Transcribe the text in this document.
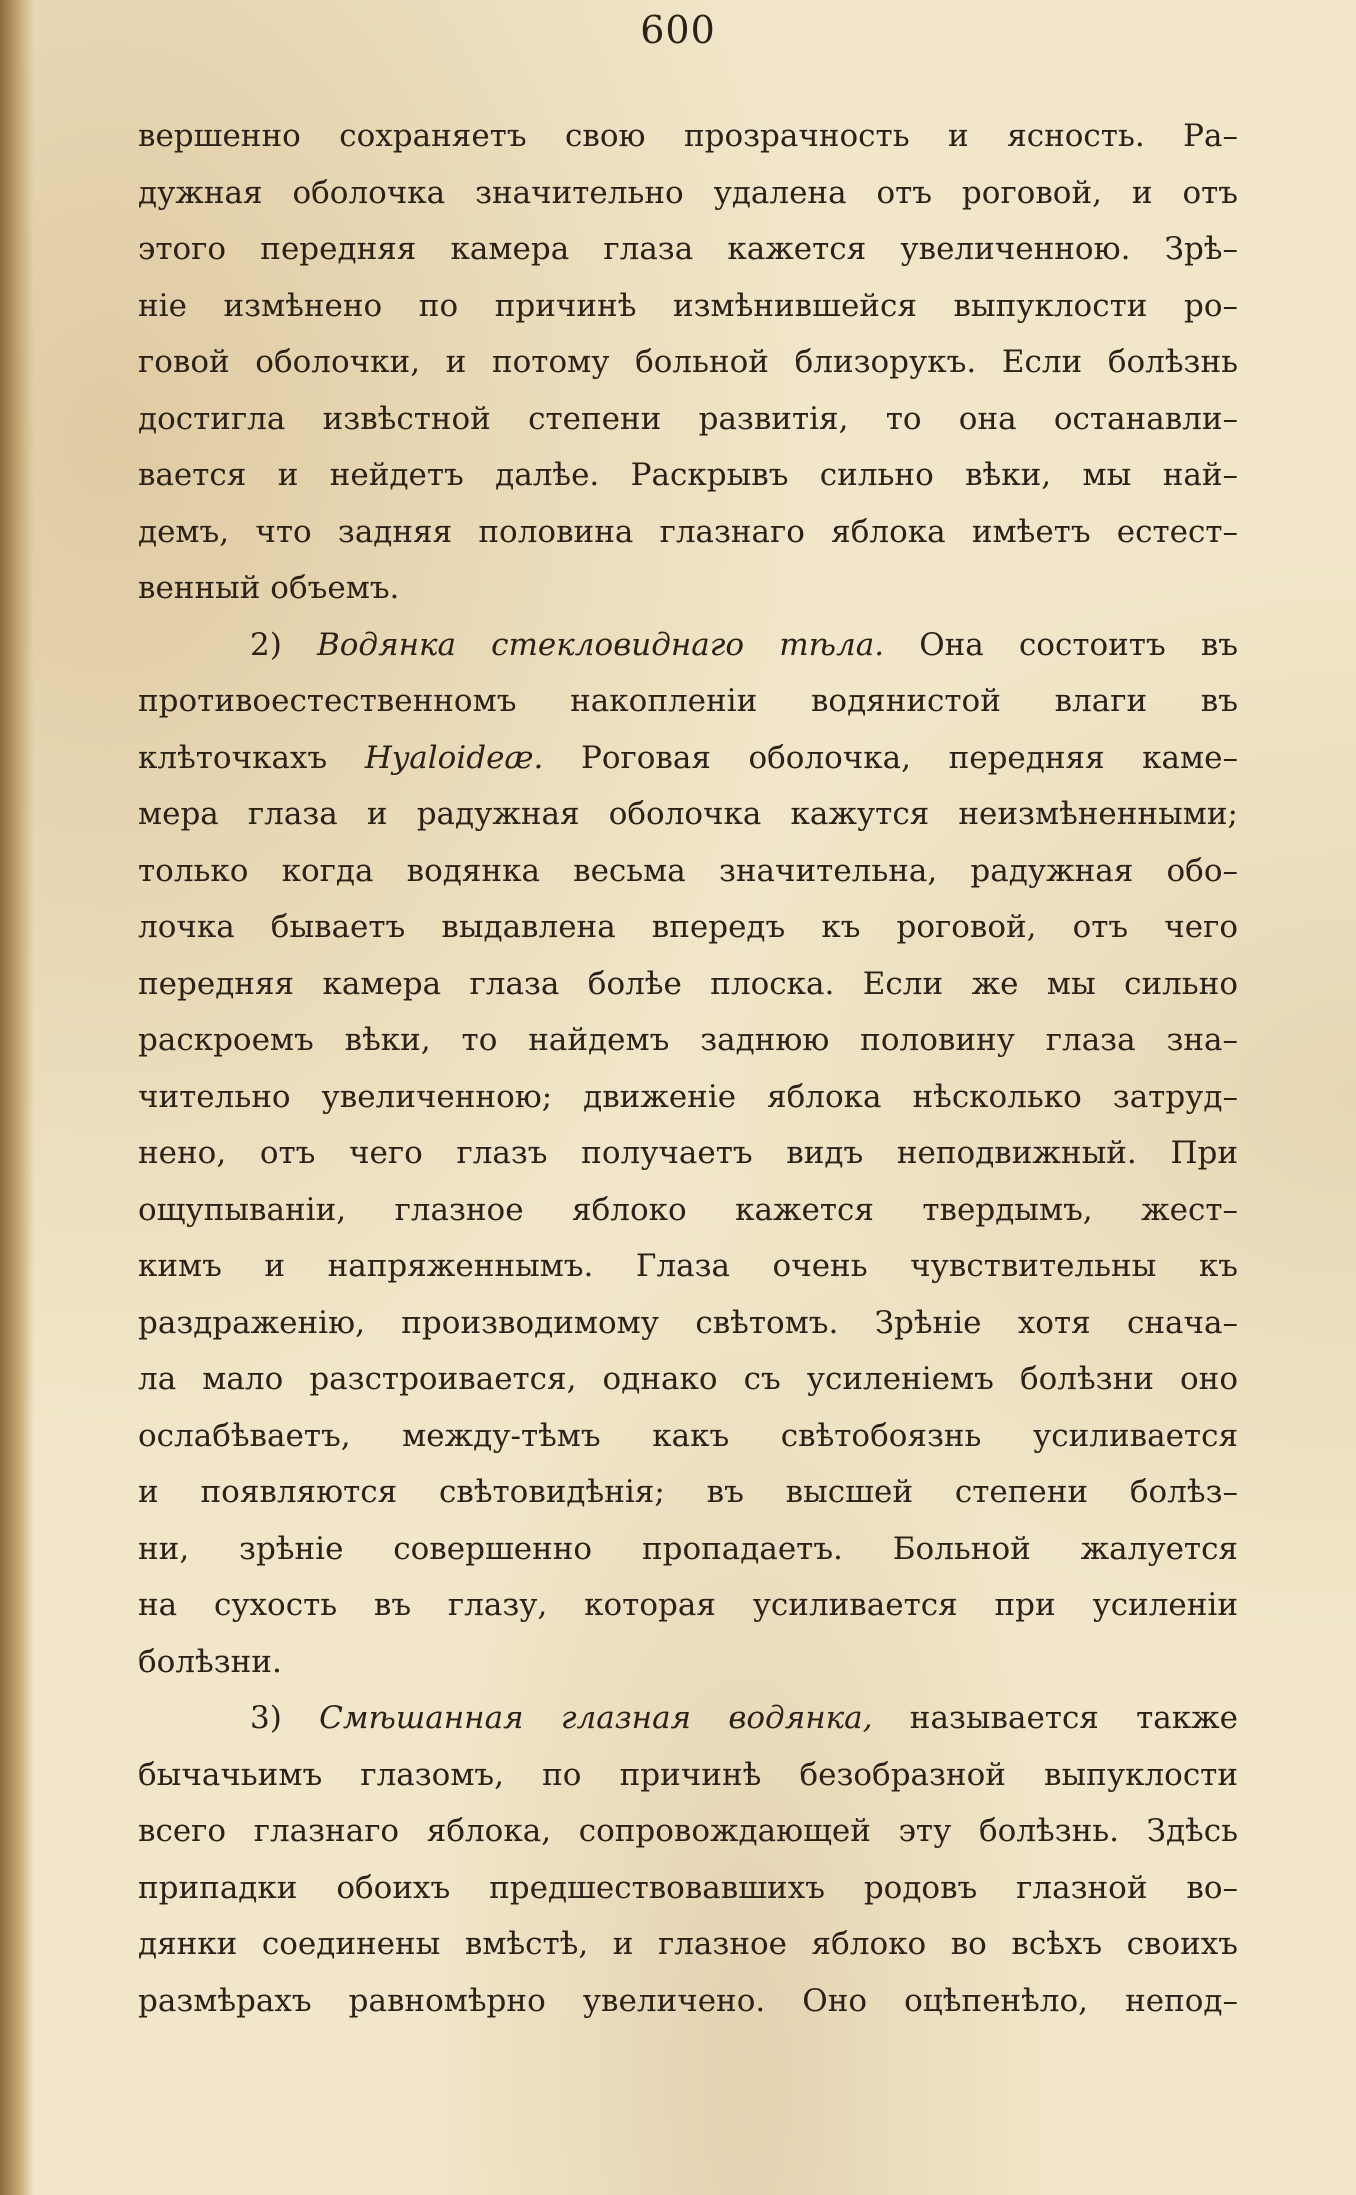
600
вершенно сохраняетъ свою прозрачность и ясность. Ра–
дужная оболочка значительно удалена отъ роговой, и отъ
этого передняя камера глаза кажется увеличенною. Зрѣ–
нiе измѣнено по причинѣ измѣнившейся выпуклости ро–
говой оболочки, и потому больной близорукъ. Если болѣзнь
достигла извѣстной степени развитiя, то она останавли–
вается и нейдетъ далѣе. Раскрывъ сильно вѣки, мы най–
демъ, что задняя половина глазнаго яблока имѣетъ естест–
венный объемъ.
2) Водянка стекловиднаго тѣла. Она состоитъ въ
противоестественномъ накопленiи водянистой влаги въ
клѣточкахъ Hyaloideæ. Роговая оболочка, передняя каме–
мера глаза и радужная оболочка кажутся неизмѣненными;
только когда водянка весьма значительна, радужная обо–
лочка бываетъ выдавлена впередъ къ роговой, отъ чего
передняя камера глаза болѣе плоска. Если же мы сильно
раскроемъ вѣки, то найдемъ заднюю половину глаза зна–
чительно увеличенною; движенiе яблока нѣсколько затруд–
нено, отъ чего глазъ получаетъ видъ неподвижный. При
ощупыванiи, глазное яблоко кажется твердымъ, жест–
кимъ и напряженнымъ. Глаза очень чувствительны къ
раздраженiю, производимому свѣтомъ. Зрѣнiе хотя снача–
ла мало разстроивается, однако съ усиленiемъ болѣзни оно
ослабѣваетъ, между-тѣмъ какъ свѣтобоязнь усиливается
и появляются свѣтовидѣнiя; въ высшей степени болѣз–
ни, зрѣнiе совершенно пропадаетъ. Больной жалуется
на сухость въ глазу, которая усиливается при усиленiи
болѣзни.
3) Смѣшанная глазная водянка, называется также
бычачьимъ глазомъ, по причинѣ безобразной выпуклости
всего глазнаго яблока, сопровождающей эту болѣзнь. Здѣсь
припадки обоихъ предшествовавшихъ родовъ глазной во–
дянки соединены вмѣстѣ, и глазное яблоко во всѣхъ своихъ
размѣрахъ равномѣрно увеличено. Оно оцѣпенѣло, непод–
